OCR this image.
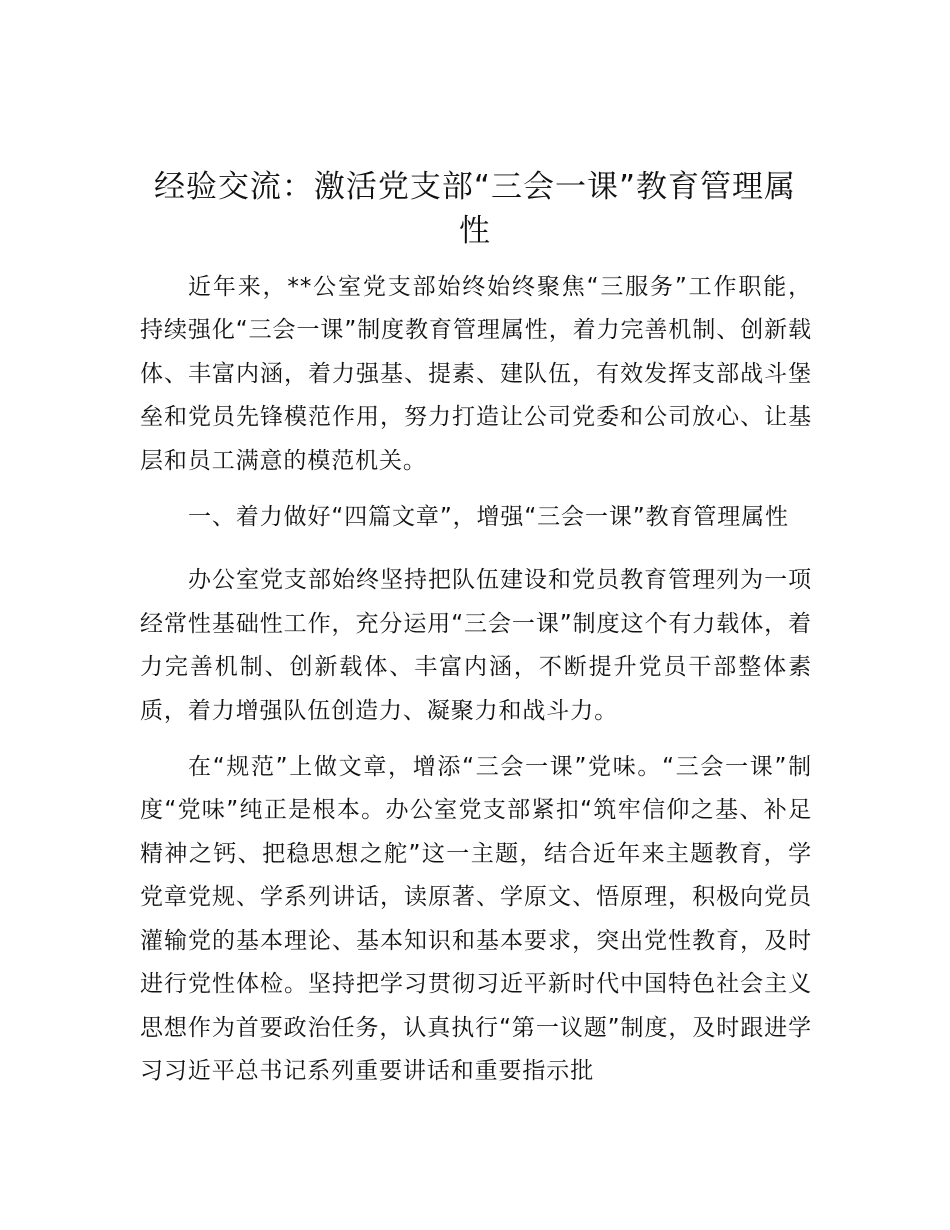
经验交流：激活党支部“三会一课”教育管理属性

近年来，**公室党支部始终始终聚焦“三服务”工作职能，持续强化“三会一课”制度教育管理属性，着力完善机制、创新载体、丰富内涵，着力强基、提素、建队伍，有效发挥支部战斗堡垒和党员先锋模范作用，努力打造让公司党委和公司放心、让基层和员工满意的模范机关。

一、着力做好“四篇文章”，增强“三会一课”教育管理属性

办公室党支部始终坚持把队伍建设和党员教育管理列为一项经常性基础性工作，充分运用“三会一课”制度这个有力载体，着力完善机制、创新载体、丰富内涵，不断提升党员干部整体素质，着力增强队伍创造力、凝聚力和战斗力。

在“规范”上做文章，增添“三会一课”党味。“三会一课”制度“党味”纯正是根本。办公室党支部紧扣“筑牢信仰之基、补足精神之钙、把稳思想之舵”这一主题，结合近年来主题教育，学党章党规、学系列讲话，读原著、学原文、悟原理，积极向党员灌输党的基本理论、基本知识和基本要求，突出党性教育，及时进行党性体检。坚持把学习贯彻习近平新时代中国特色社会主义思想作为首要政治任务，认真执行“第一议题”制度，及时跟进学习习近平总书记系列重要讲话和重要指示批
